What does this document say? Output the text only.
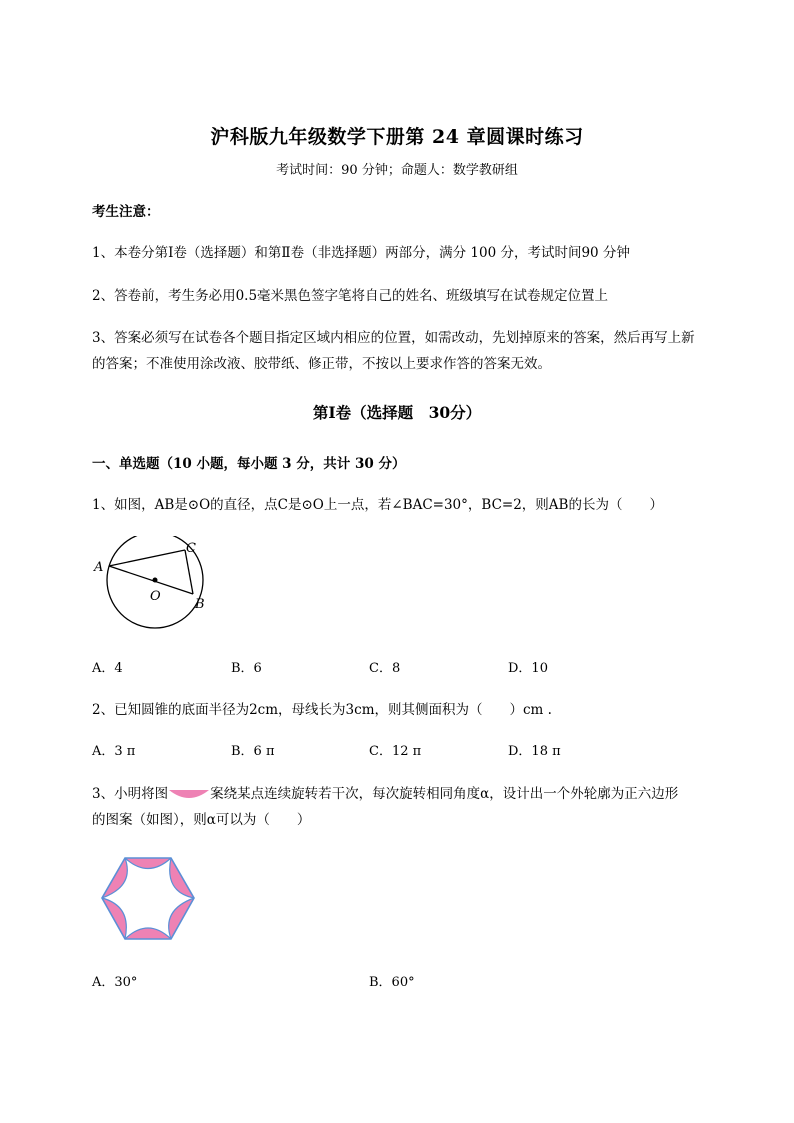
沪科版九年级数学下册第 24 章圆课时练习
考试时间：90 分钟；命题人：数学教研组
考生注意：
1、本卷分第Ⅰ卷（选择题）和第Ⅱ卷（非选择题）两部分，满分 100 分，考试时间90 分钟
2、答卷前，考生务必用0.5毫米黑色签字笔将自己的姓名、班级填写在试卷规定位置上
3、答案必须写在试卷各个题目指定区域内相应的位置，如需改动，先划掉原来的答案，然后再写上新
的答案；不准使用涂改液、胶带纸、修正带，不按以上要求作答的答案无效。
第Ⅰ卷（选择题　30分）
一、单选题（10 小题，每小题 3 分，共计 30 分）
1、如图，AB是⊙O的直径，点C是⊙O上一点，若∠BAC=30°，BC=2，则AB的长为（　　）
A
B
C
O
A．4	B．6	C．8	D．10
2、已知圆锥的底面半径为2cm，母线长为3cm，则其侧面积为（　　）cm .
A．3 π	B．6 π	C．12 π	D．18 π
3、小明将图	案绕某点连续旋转若干次，每次旋转相同角度α，设计出一个外轮廓为正六边形
的图案（如图），则α可以为（　　）
A．30°	B．60°
